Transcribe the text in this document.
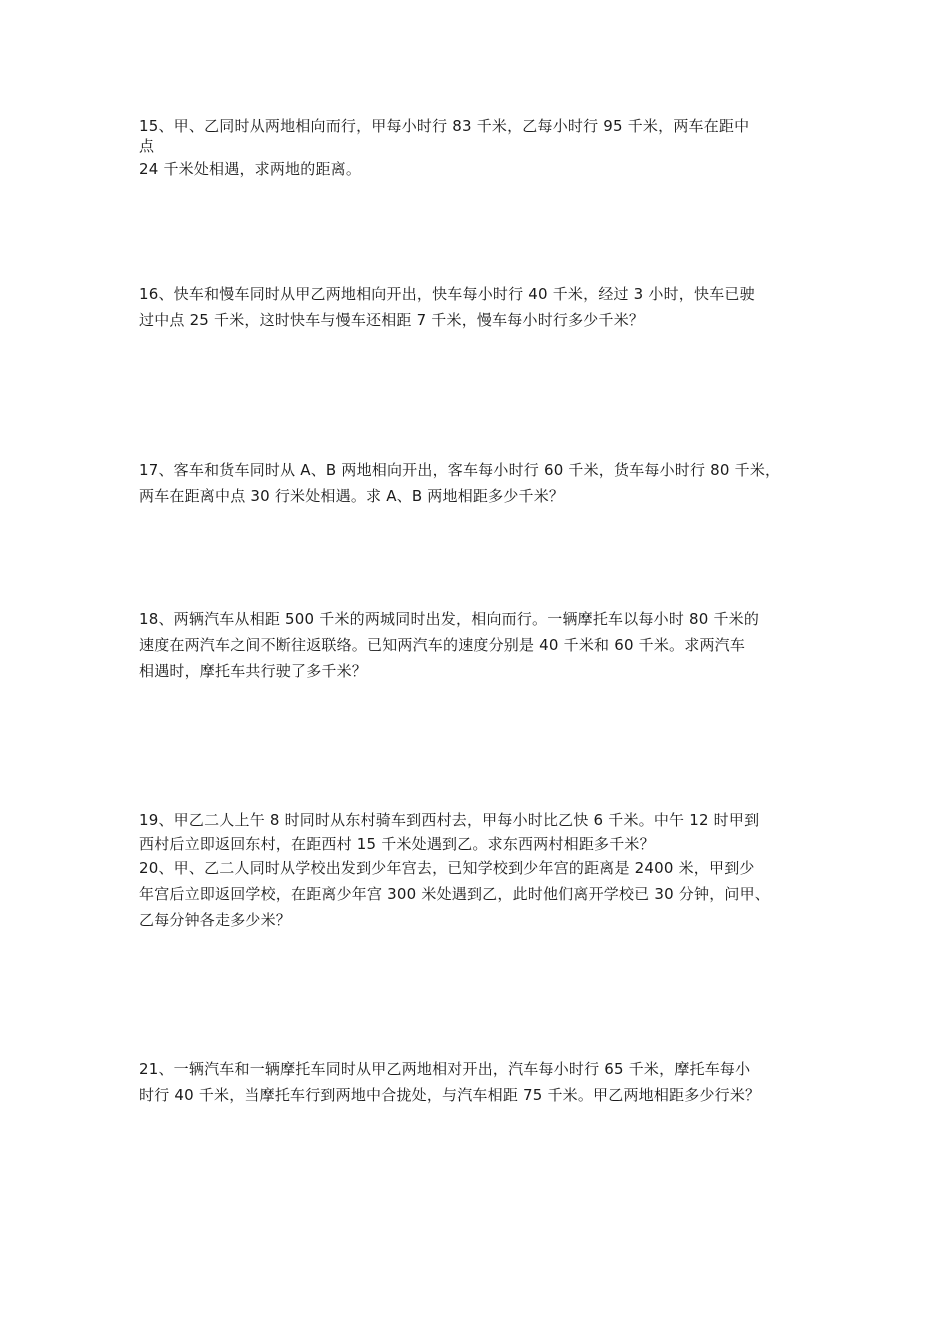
15、甲、乙同时从两地相向而行，甲每小时行 83 千米，乙每小时行 95 千米，两车在距中
点
24 千米处相遇，求两地的距离。
16、快车和慢车同时从甲乙两地相向开出，快车每小时行 40 千米，经过 3 小时，快车已驶
过中点 25 千米，这时快车与慢车还相距 7 千米，慢车每小时行多少千米？
17、客车和货车同时从 A、B 两地相向开出，客车每小时行 60 千米，货车每小时行 80 千米，
两车在距离中点 30 行米处相遇。求 A、B 两地相距多少千米？
18、两辆汽车从相距 500 千米的两城同时出发，相向而行。一辆摩托车以每小时 80 千米的
速度在两汽车之间不断往返联络。已知两汽车的速度分别是 40 千米和 60 千米。求两汽车
相遇时，摩托车共行驶了多千米？
19、甲乙二人上午 8 时同时从东村骑车到西村去，甲每小时比乙快 6 千米。中午 12 时甲到
西村后立即返回东村，在距西村 15 千米处遇到乙。求东西两村相距多千米？
20、甲、乙二人同时从学校出发到少年宫去，已知学校到少年宫的距离是 2400 米，甲到少
年宫后立即返回学校，在距离少年宫 300 米处遇到乙，此时他们离开学校已 30 分钟，问甲、
乙每分钟各走多少米？
21、一辆汽车和一辆摩托车同时从甲乙两地相对开出，汽车每小时行 65 千米，摩托车每小
时行 40 千米，当摩托车行到两地中合拢处，与汽车相距 75 千米。甲乙两地相距多少行米？
